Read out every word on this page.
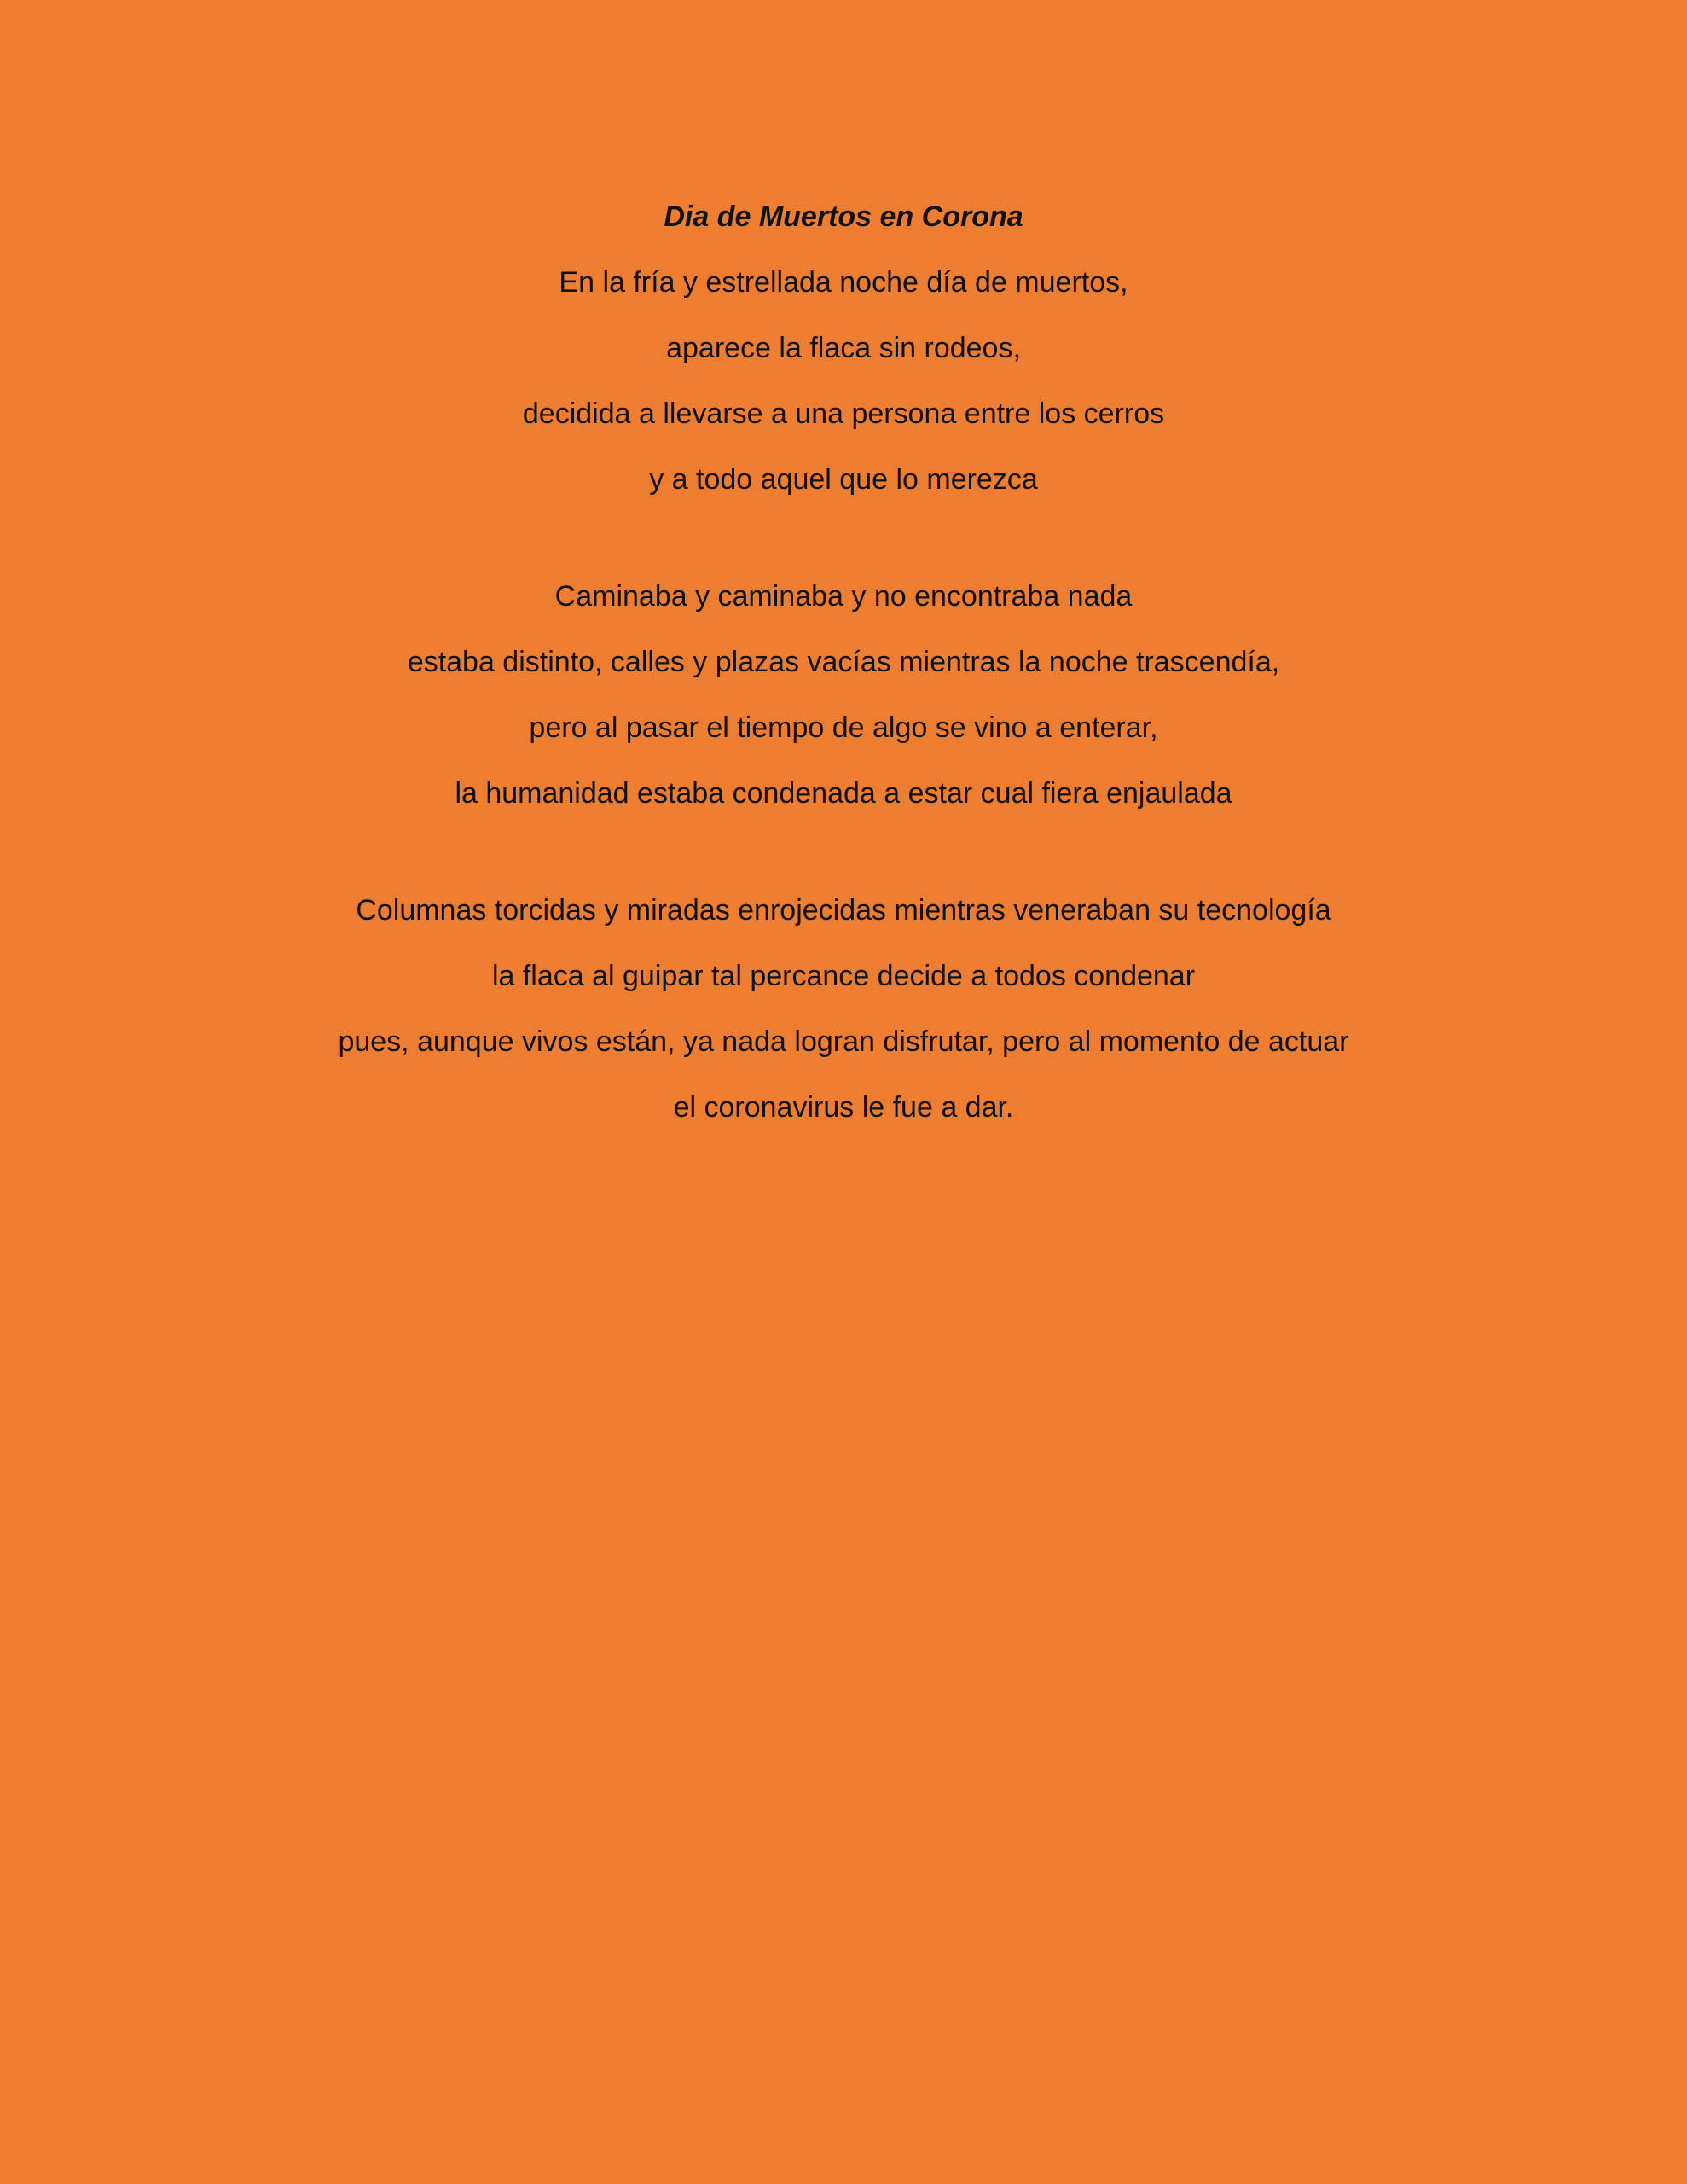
Dia de Muertos en Corona
En la fría y estrellada noche día de muertos,
aparece la flaca sin rodeos,
decidida a llevarse a una persona entre los cerros
y a todo aquel que lo merezca
Caminaba y caminaba y no encontraba nada
estaba distinto, calles y plazas vacías mientras la noche trascendía,
pero al pasar el tiempo de algo se vino a enterar,
la humanidad estaba condenada a estar cual fiera enjaulada
Columnas torcidas y miradas enrojecidas mientras veneraban su tecnología
la flaca al guipar tal percance decide a todos condenar
pues, aunque vivos están, ya nada logran disfrutar, pero al momento de actuar
el coronavirus le fue a dar.
